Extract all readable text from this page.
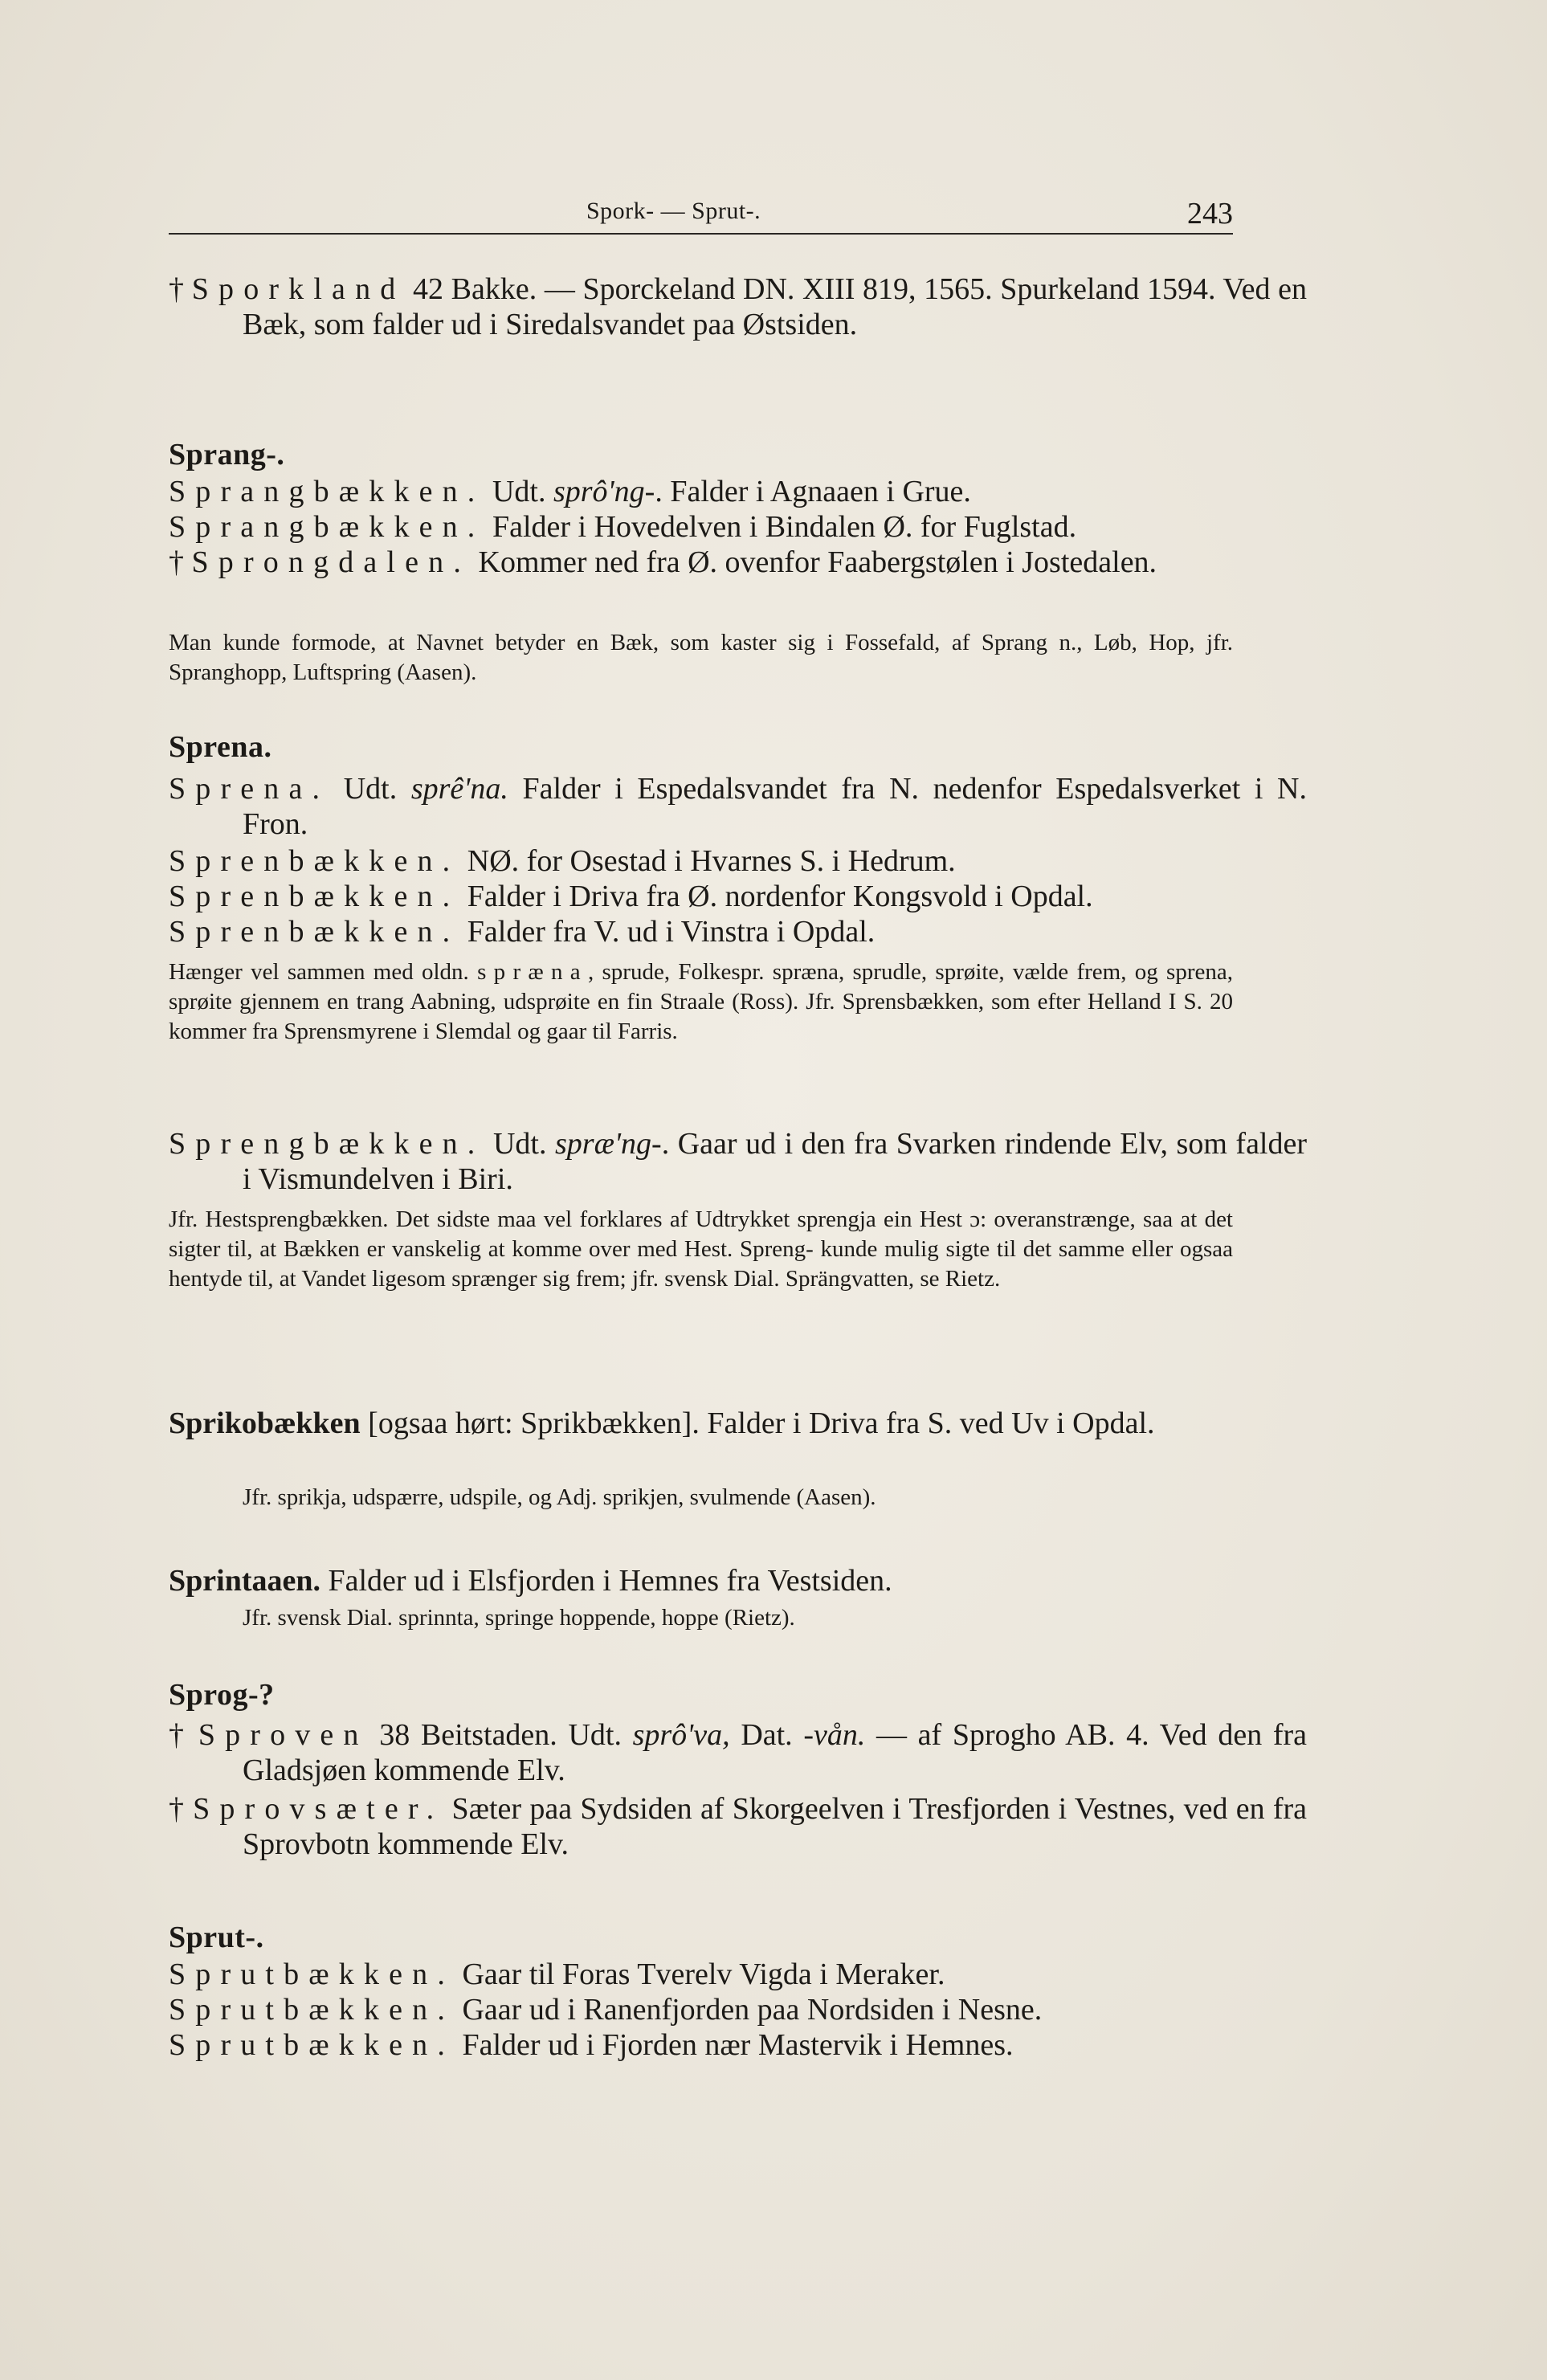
Spork- — Sprut-.	243
† Sporkland 42 Bakke. — Sporckeland DN. XIII 819, 1565. Spurkeland 1594. Ved en Bæk, som falder ud i Siredalsvandet paa Østsiden.
Sprang-.
Sprangbækken. Udt. sprô'ng-. Falder i Agnaaen i Grue.
Sprangbækken. Falder i Hovedelven i Bindalen Ø. for Fuglstad.
† Sprongdalen. Kommer ned fra Ø. ovenfor Faabergstølen i Jostedalen.
Man kunde formode, at Navnet betyder en Bæk, som kaster sig i Fossefald, af Sprang n., Løb, Hop, jfr. Spranghopp, Luftspring (Aasen).
Sprena.
Sprena. Udt. sprê'na. Falder i Espedalsvandet fra N. nedenfor Espedalsverket i N. Fron.
Sprenbækken. NØ. for Osestad i Hvarnes S. i Hedrum.
Sprenbækken. Falder i Driva fra Ø. nordenfor Kongsvold i Opdal.
Sprenbækken. Falder fra V. ud i Vinstra i Opdal.
Hænger vel sammen med oldn. spræna, sprude, Folkespr. spræna, sprudle, sprøite, vælde frem, og sprena, sprøite gjennem en trang Aabning, udsprøite en fin Straale (Ross). Jfr. Sprensbækken, som efter Helland I S. 20 kommer fra Sprensmyrene i Slemdal og gaar til Farris.
Sprengbækken. Udt. spræ'ng-. Gaar ud i den fra Svarken rindende Elv, som falder i Vismundelven i Biri.
Jfr. Hestsprengbækken. Det sidste maa vel forklares af Udtrykket sprengja ein Hest ɔ: overanstrænge, saa at det sigter til, at Bækken er vanskelig at komme over med Hest. Spreng- kunde mulig sigte til det samme eller ogsaa hentyde til, at Vandet ligesom sprænger sig frem; jfr. svensk Dial. Sprängvatten, se Rietz.
Sprikobækken [ogsaa hørt: Sprikbækken]. Falder i Driva fra S. ved Uv i Opdal.
Jfr. sprikja, udspærre, udspile, og Adj. sprikjen, svulmende (Aasen).
Sprintaaen. Falder ud i Elsfjorden i Hemnes fra Vestsiden.
Jfr. svensk Dial. sprinnta, springe hoppende, hoppe (Rietz).
Sprog-?
† Sproven 38 Beitstaden. Udt. sprô'va, Dat. -vån. — af Sprogho AB. 4. Ved den fra Gladsjøen kommende Elv.
† Sprovsæter. Sæter paa Sydsiden af Skorgeelven i Tresfjorden i Vestnes, ved en fra Sprovbotn kommende Elv.
Sprut-.
Sprutbækken. Gaar til Foras Tverelv Vigda i Meraker.
Sprutbækken. Gaar ud i Ranenfjorden paa Nordsiden i Nesne.
Sprutbækken. Falder ud i Fjorden nær Mastervik i Hemnes.
